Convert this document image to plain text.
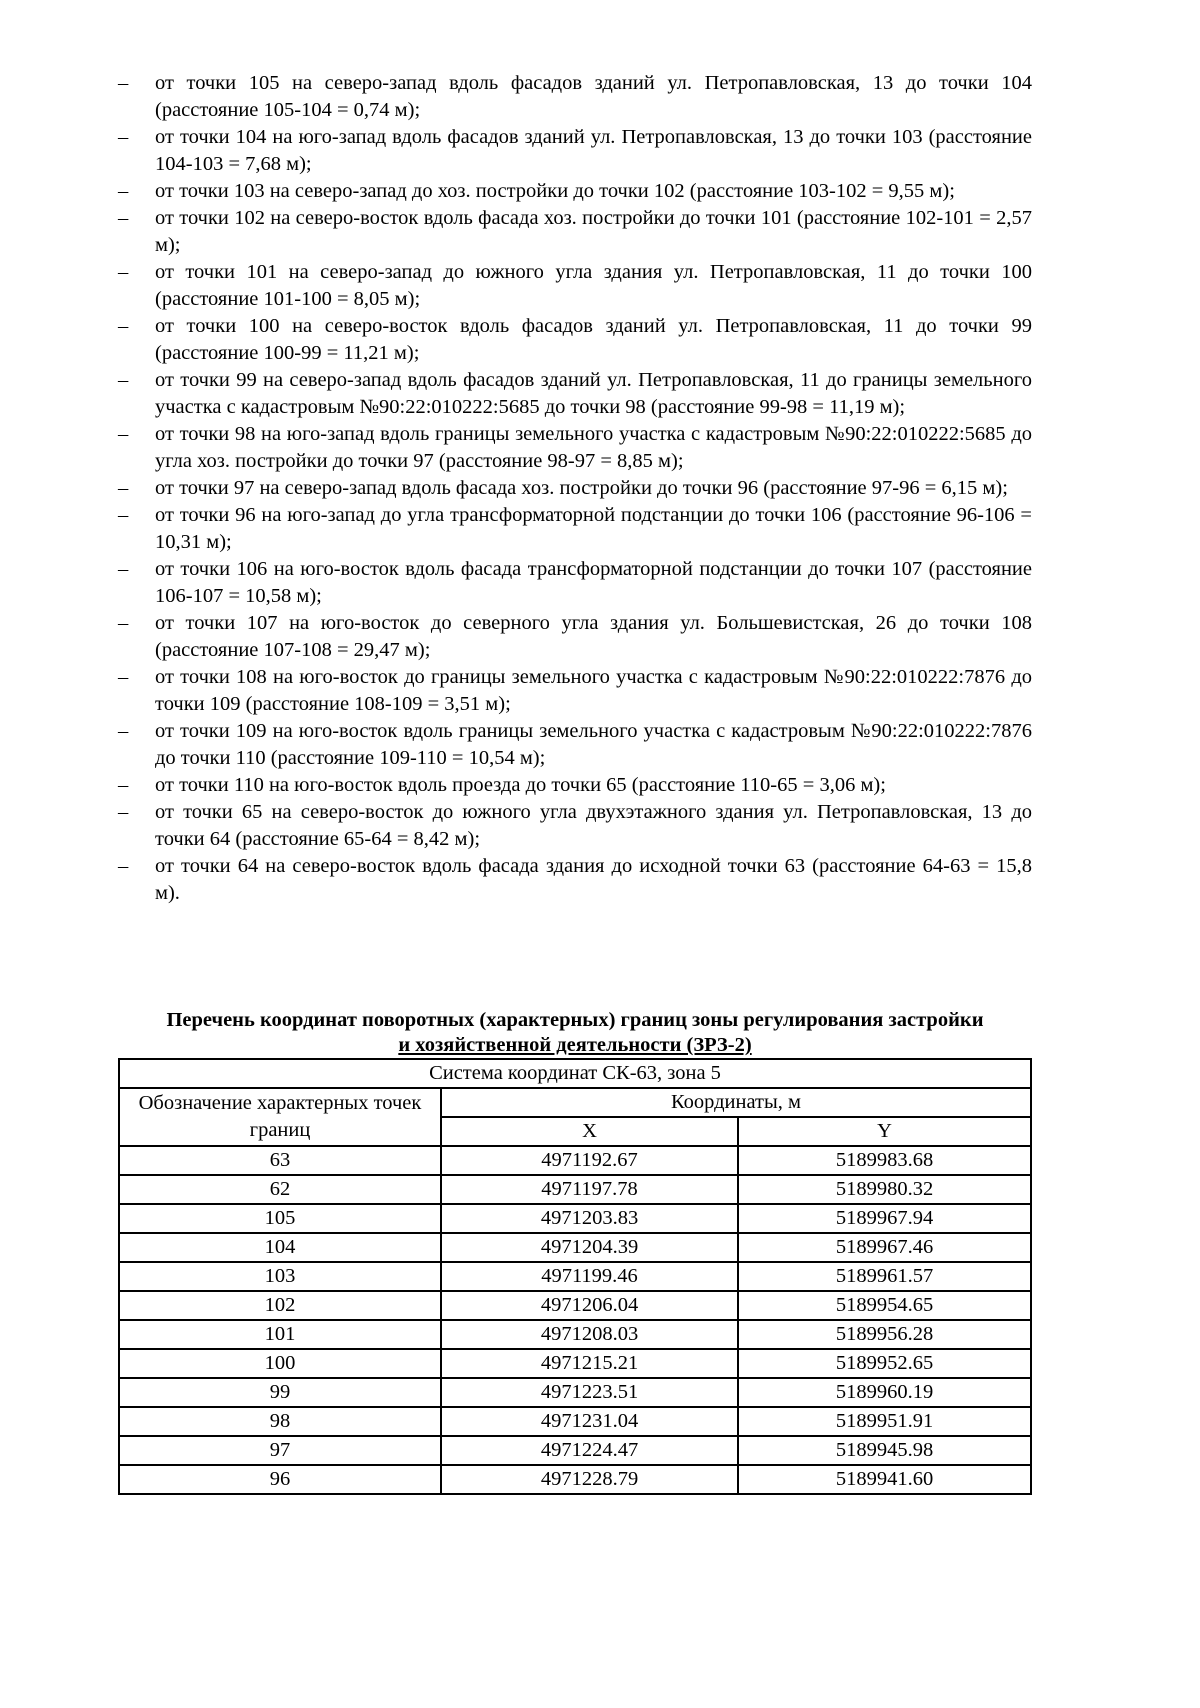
– от точки 105 на северо-запад вдоль фасадов зданий ул. Петропавловская, 13 до точки 104 (расстояние 105-104 = 0,74 м);
– от точки 104 на юго-запад вдоль фасадов зданий ул. Петропавловская, 13 до точки 103 (расстояние 104-103 = 7,68 м);
– от точки 103 на северо-запад до хоз. постройки до точки 102 (расстояние 103-102 = 9,55 м);
– от точки 102 на северо-восток вдоль фасада хоз. постройки до точки 101 (расстояние 102-101 = 2,57 м);
– от точки 101 на северо-запад до южного угла здания ул. Петропавловская, 11 до точки 100 (расстояние 101-100 = 8,05 м);
– от точки 100 на северо-восток вдоль фасадов зданий ул. Петропавловская, 11 до точки 99 (расстояние 100-99 = 11,21 м);
– от точки 99 на северо-запад вдоль фасадов зданий ул. Петропавловская, 11 до границы земельного участка с кадастровым №90:22:010222:5685 до точки 98 (расстояние 99-98 = 11,19 м);
– от точки 98 на юго-запад вдоль границы земельного участка с кадастровым №90:22:010222:5685 до угла хоз. постройки до точки 97 (расстояние 98-97 = 8,85 м);
– от точки 97 на северо-запад вдоль фасада хоз. постройки до точки 96 (расстояние 97-96 = 6,15 м);
– от точки 96 на юго-запад до угла трансформаторной подстанции до точки 106 (расстояние 96-106 = 10,31 м);
– от точки 106 на юго-восток вдоль фасада трансформаторной подстанции до точки 107 (расстояние 106-107 = 10,58 м);
– от точки 107 на юго-восток до северного угла здания ул. Большевистская, 26 до точки 108 (расстояние 107-108 = 29,47 м);
– от точки 108 на юго-восток до границы земельного участка с кадастровым №90:22:010222:7876 до точки 109 (расстояние 108-109 = 3,51 м);
– от точки 109 на юго-восток вдоль границы земельного участка с кадастровым №90:22:010222:7876 до точки 110 (расстояние 109-110 = 10,54 м);
– от точки 110 на юго-восток вдоль проезда до точки 65 (расстояние 110-65 = 3,06 м);
– от точки 65 на северо-восток до южного угла двухэтажного здания ул. Петропавловская, 13 до точки 64 (расстояние 65-64 = 8,42 м);
– от точки 64 на северо-восток вдоль фасада здания до исходной точки 63 (расстояние 64-63 = 15,8 м).
Перечень координат поворотных (характерных) границ зоны регулирования застройки
и хозяйственной деятельности (ЗРЗ-2)
Система координат СК-63, зона 5		
Обозначение характерных точек границ	Координаты, м	
	X	Y
63	4971192.67	5189983.68
62	4971197.78	5189980.32
105	4971203.83	5189967.94
104	4971204.39	5189967.46
103	4971199.46	5189961.57
102	4971206.04	5189954.65
101	4971208.03	5189956.28
100	4971215.21	5189952.65
99	4971223.51	5189960.19
98	4971231.04	5189951.91
97	4971224.47	5189945.98
96	4971228.79	5189941.60
